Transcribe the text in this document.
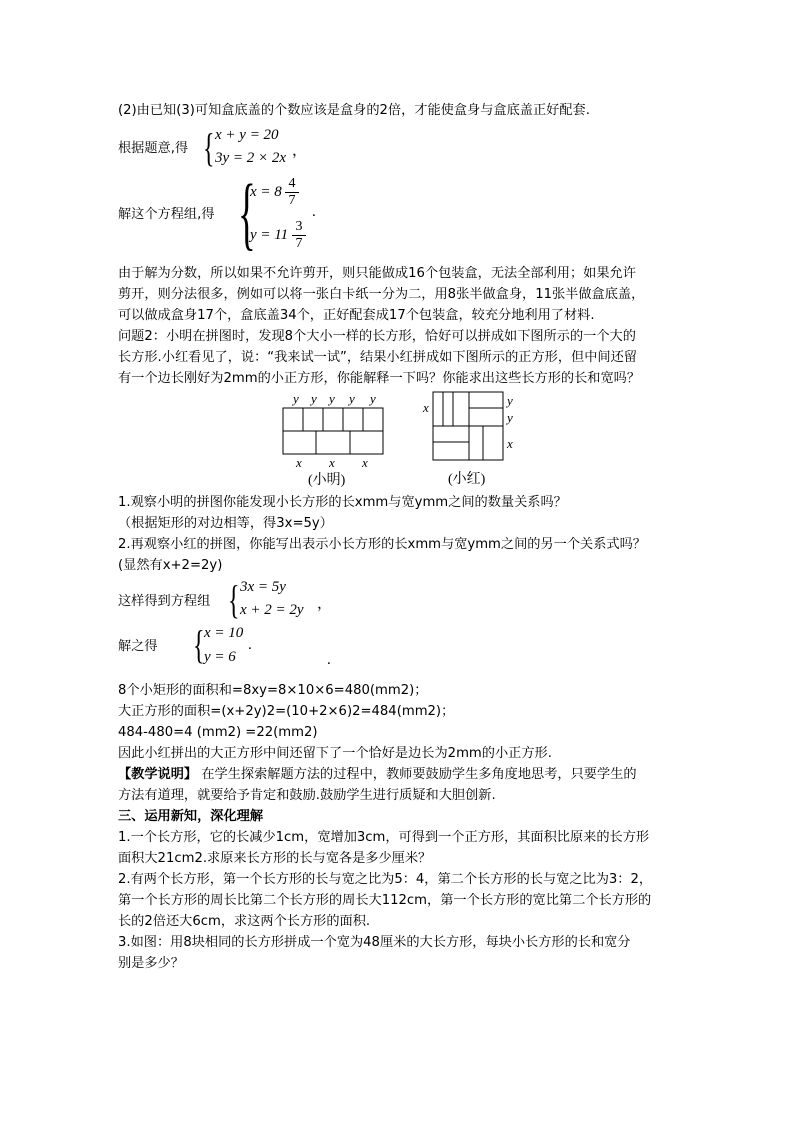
(2)由已知(3)可知盒底盖的个数应该是盒身的2倍，才能使盒身与盒底盖正好配套.
根据题意,得 { x + y = 20
3y = 2 × 2x ，
解这个方程组,得 {
$x = 8 \frac{4}{7}$
$y = 11 \frac{3}{7}$
.
由于解为分数，所以如果不允许剪开，则只能做成16个包装盒，无法全部利用；如果允许
剪开，则分法很多，例如可以将一张白卡纸一分为二，用8张半做盒身，11张半做盒底盖，
可以做成盒身17个，盒底盖34个，正好配套成17个包装盒，较充分地利用了材料.
问题2：小明在拼图时，发现8个大小一样的长方形，恰好可以拼成如下图所示的一个大的
长方形.小红看见了，说：“我来试一试”，结果小红拼成如下图所示的正方形，但中间还留
有一个边长刚好为2mm的小正方形，你能解释一下吗？你能求出这些长方形的长和宽吗？
y y y y y
x x x
(小明)
x	y
y
x
(小红)
1.观察小明的拼图你能发现小长方形的长xmm与宽ymm之间的数量关系吗？
（根据矩形的对边相等，得3x=5y）
2.再观察小红的拼图，你能写出表示小长方形的长xmm与宽ymm之间的另一个关系式吗？
(显然有x+2=2y)
这样得到方程组 { 3x = 5y
x + 2 = 2y ，
解之得 { x = 10
y = 6
.
.
8个小矩形的面积和=8xy=8×10×6=480(mm2)；
大正方形的面积=(x+2y)2=(10+2×6)2=484(mm2)；
484-480=4 (mm2) =22(mm2)
因此小红拼出的大正方形中间还留下了一个恰好是边长为2mm的小正方形.
【教学说明】 在学生探索解题方法的过程中，教师要鼓励学生多角度地思考，只要学生的
方法有道理，就要给予肯定和鼓励.鼓励学生进行质疑和大胆创新.
三、运用新知，深化理解
1.一个长方形，它的长减少1cm，宽增加3cm，可得到一个正方形，其面积比原来的长方形
面积大21cm2.求原来长方形的长与宽各是多少厘米？
2.有两个长方形，第一个长方形的长与宽之比为5：4，第二个长方形的长与宽之比为3：2，
第一个长方形的周长比第二个长方形的周长大112cm，第一个长方形的宽比第二个长方形的
长的2倍还大6cm，求这两个长方形的面积.
3.如图：用8块相同的长方形拼成一个宽为48厘米的大长方形，每块小长方形的长和宽分
别是多少？
